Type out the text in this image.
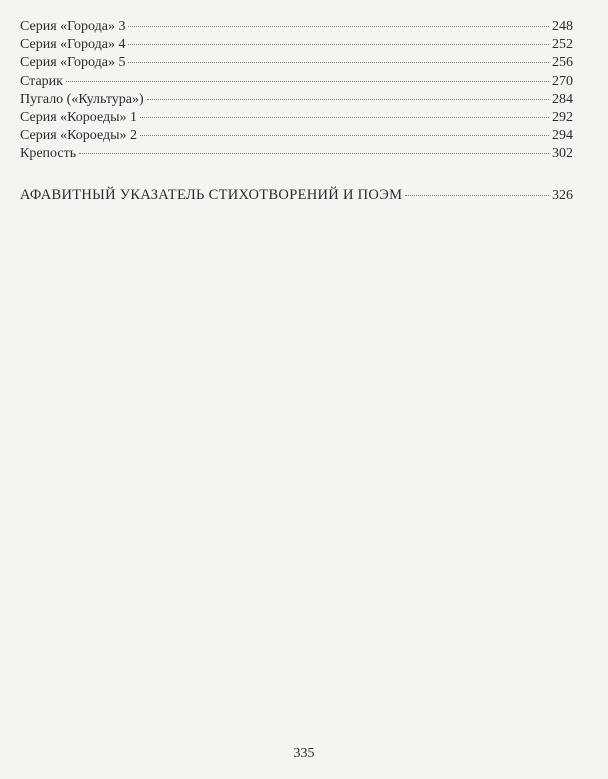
Серия «Города» 3	248
Серия «Города» 4	252
Серия «Города» 5	256
Старик	270
Пугало («Культура»)	284
Серия «Короеды» 1	292
Серия «Короеды» 2	294
Крепость	302
АФАВИТНЫЙ УКАЗАТЕЛЬ СТИХОТВОРЕНИЙ И ПОЭМ	326
335
